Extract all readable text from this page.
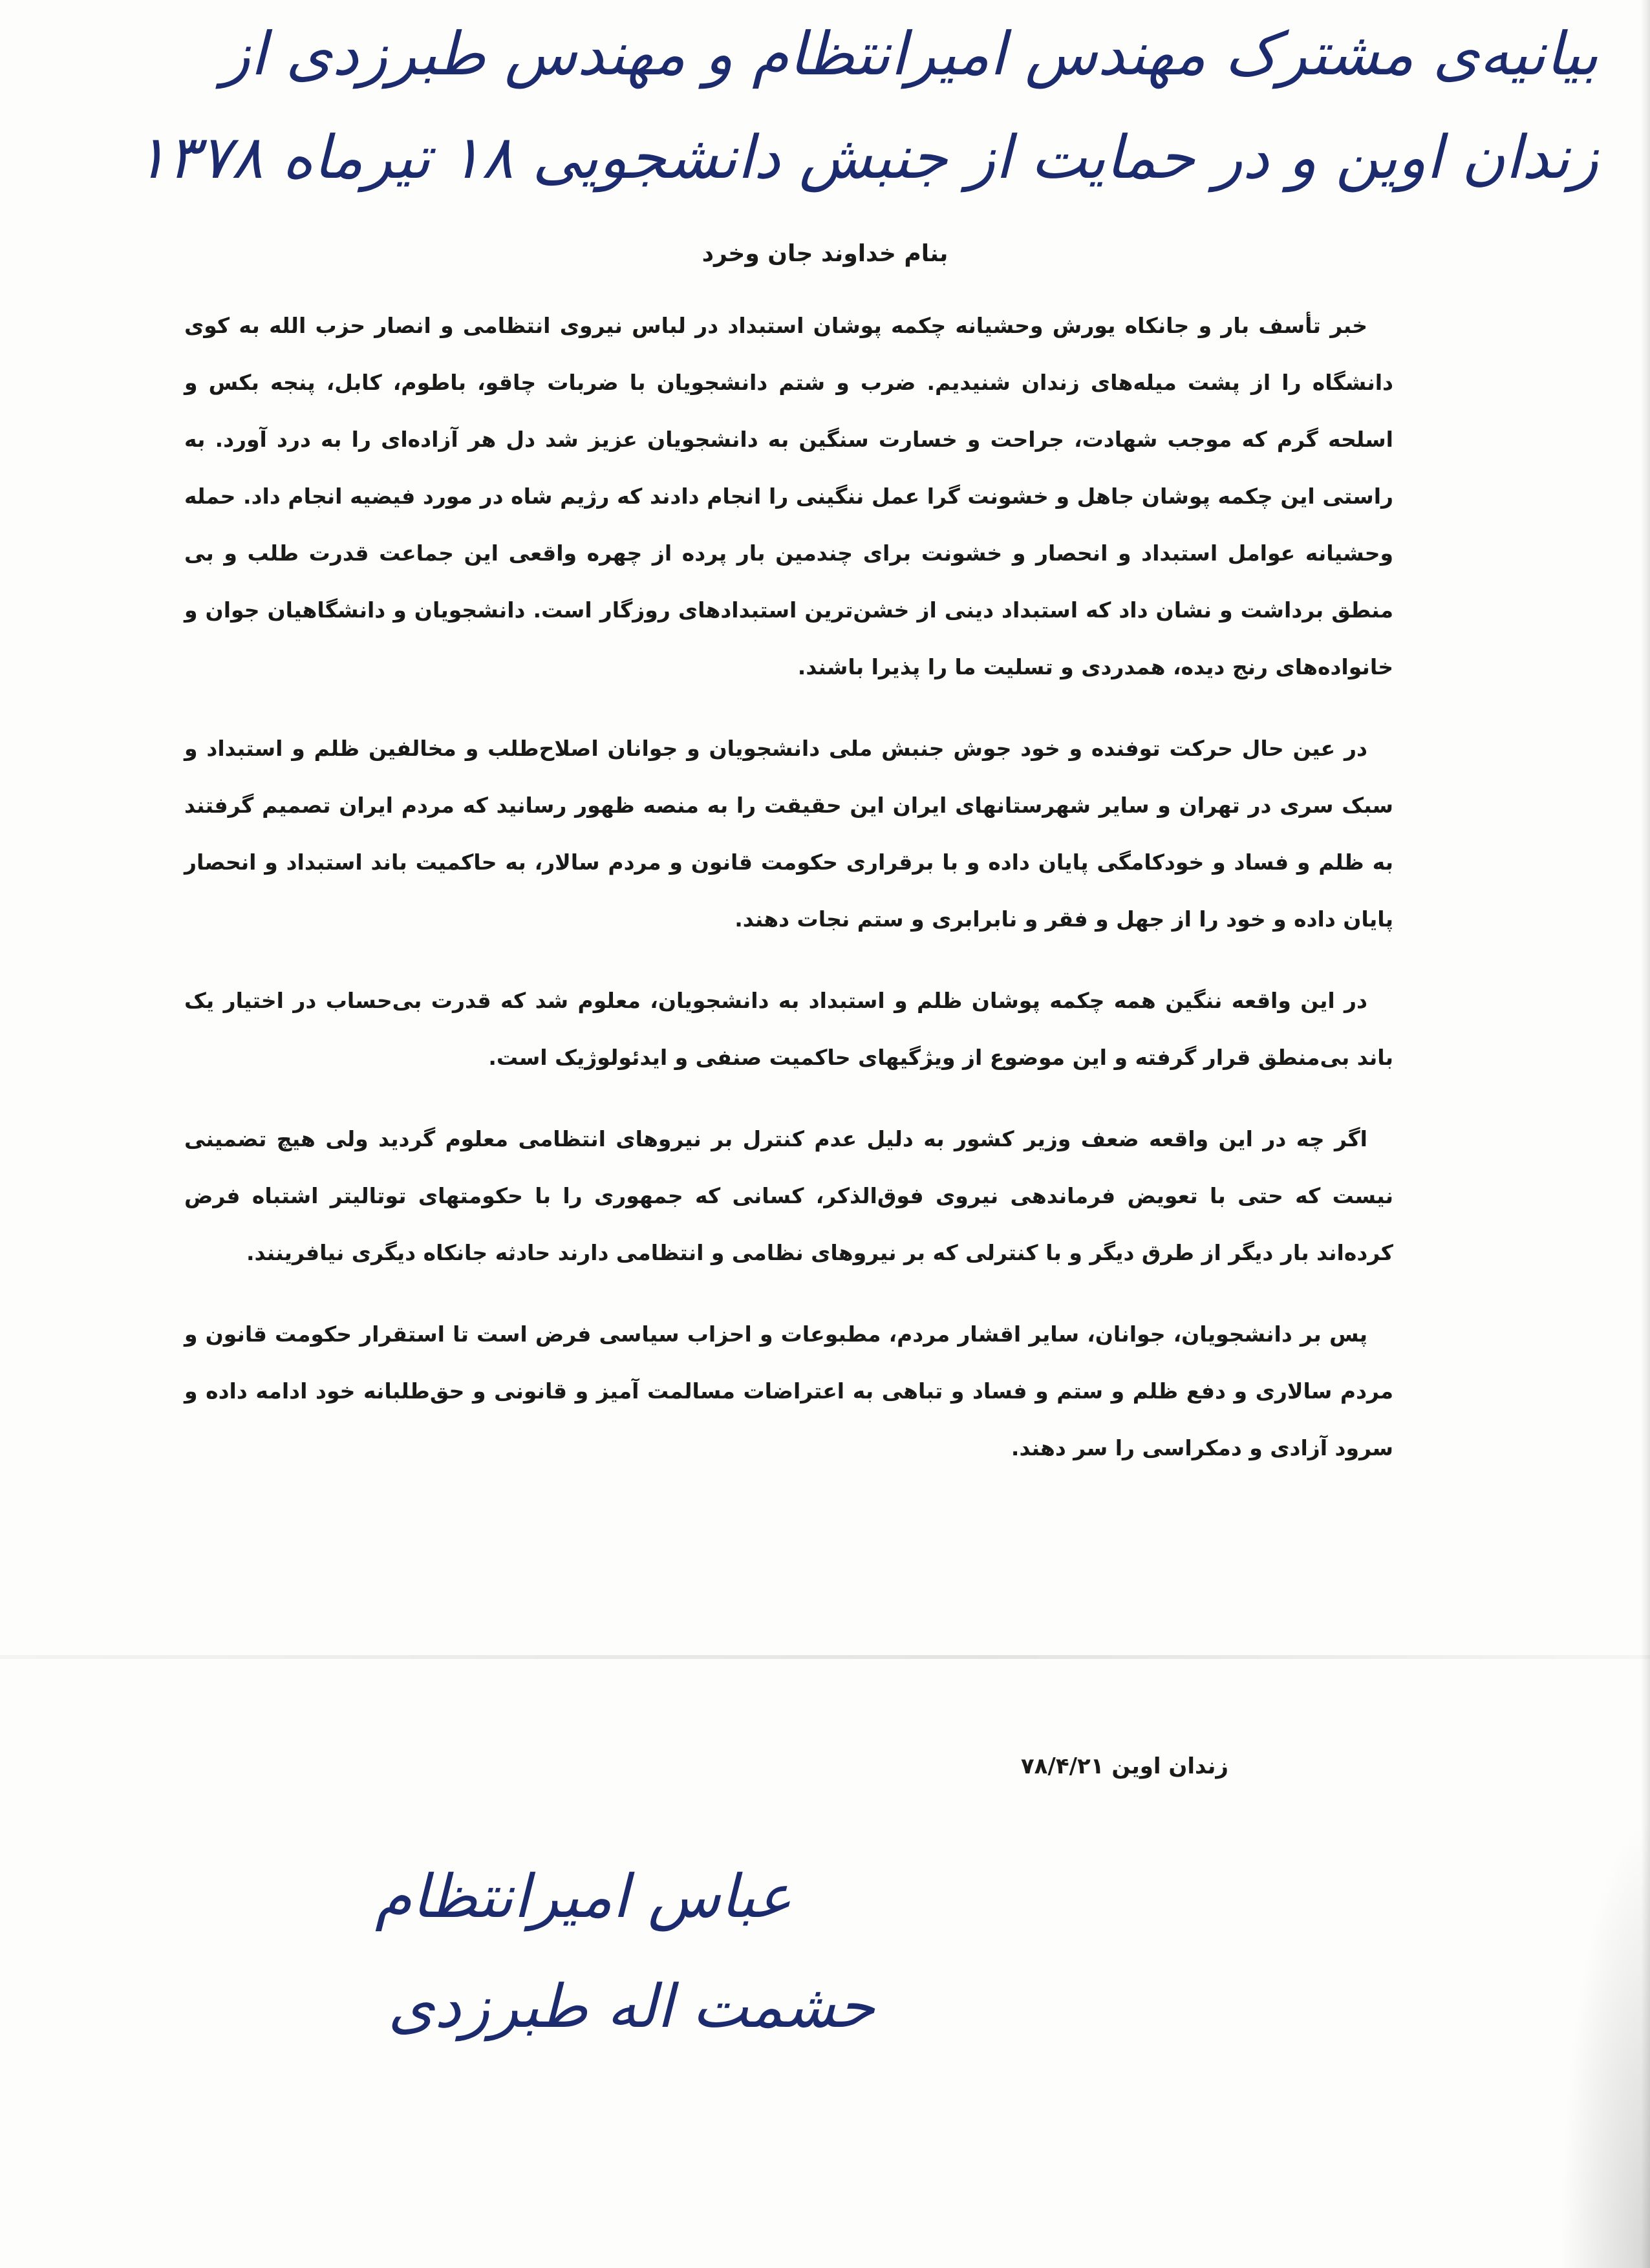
بیانیه‌ی مشترک مهندس امیرانتظام و مهندس طبرزدی از
زندان اوین و در حمایت از جنبش دانشجویی ۱۸ تیرماه ۱۳۷۸
بنام خداوند جان وخرد

خبر تأسف بار و جانکاه یورش وحشیانه چکمه پوشان استبداد در لباس نیروی انتظامی و انصار حزب الله به کوی دانشگاه را از پشت میله‌های زندان شنیدیم. ضرب و شتم دانشجویان با ضربات چاقو، باطوم، کابل، پنجه بکس و اسلحه گرم که موجب شهادت، جراحت و خسارت سنگین به دانشجویان عزیز شد دل هر آزاده‌ای را به درد آورد. به راستی این چکمه پوشان جاهل و خشونت گرا عمل ننگینی را انجام دادند که رژیم شاه در مورد فیضیه انجام داد. حمله وحشیانه عوامل استبداد و انحصار و خشونت برای چندمین بار پرده از چهره واقعی این جماعت قدرت طلب و بی منطق برداشت و نشان داد که استبداد دینی از خشن‌ترین استبدادهای روزگار است. دانشجویان و دانشگاهیان جوان و خانواده‌های رنج دیده، همدردی و تسلیت ما را پذیرا باشند.

در عین حال حرکت توفنده و خود جوش جنبش ملی دانشجویان و جوانان اصلاح‌طلب و مخالفین ظلم و استبداد و سبک سری در تهران و سایر شهرستانهای ایران این حقیقت را به منصه ظهور رسانید که مردم ایران تصمیم گرفتند به ظلم و فساد و خودکامگی پایان داده و با برقراری حکومت قانون و مردم سالار، به حاکمیت باند استبداد و انحصار پایان داده و خود را از جهل و فقر و نابرابری و ستم نجات دهند.

در این واقعه ننگین همه چکمه پوشان ظلم و استبداد به دانشجویان، معلوم شد که قدرت بی‌حساب در اختیار یک باند بی‌منطق قرار گرفته و این موضوع از ویژگیهای حاکمیت صنفی و ایدئولوژیک است.

اگر چه در این واقعه ضعف وزیر کشور به دلیل عدم کنترل بر نیروهای انتظامی معلوم گردید ولی هیچ تضمینی نیست که حتی با تعویض فرماندهی نیروی فوق‌الذکر، کسانی که جمهوری را با حکومتهای توتالیتر اشتباه فرض کرده‌اند بار دیگر از طرق دیگر و با کنترلی که بر نیروهای نظامی و انتظامی دارند حادثه جانکاه دیگری نیافرینند.

پس بر دانشجویان، جوانان، سایر اقشار مردم، مطبوعات و احزاب سیاسی فرض است تا استقرار حکومت قانون و مردم سالاری و دفع ظلم و ستم و فساد و تباهی به اعتراضات مسالمت آمیز و قانونی و حق‌طلبانه خود ادامه داده و سرود آزادی و دمکراسی را سر دهند.

زندان اوین ۷۸/۴/۲۱
عباس امیرانتظام
حشمت اله طبرزدی
